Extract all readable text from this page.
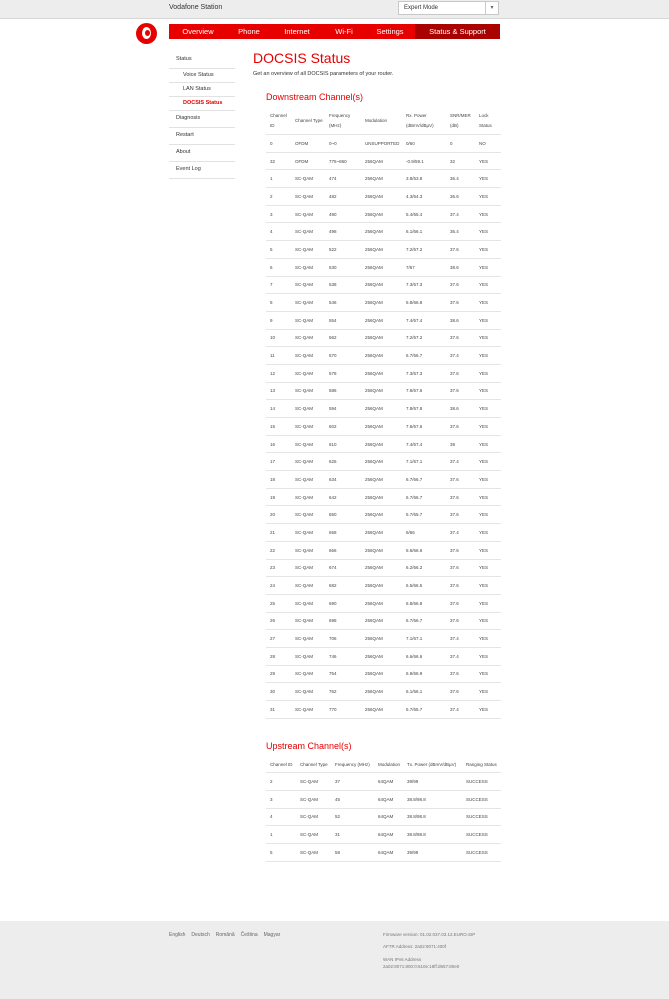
Vodafone Station	Expert Mode	▾
Overview	Phone	Internet	Wi-Fi	Settings	Status & Support
Status
Voice Status
LAN Status
DOCSIS Status
Diagnosis
Restart
About
Event Log
DOCSIS Status
Get an overview of all DOCSIS parameters of your router.
Downstream Channel(s)
Channel ID	Channel Type	Frequency (MHz)	Modulation	Rx. Power (dBmV/dBµV)	SNR/MER (dB)	Lock Status
0	OFDM	0~0	UNSUPPORTED	0/60	0	NO
32	OFDM	775~860	256QAM	-0.9/59.1	32	YES
1	SC-QAM	474	256QAM	3.8/63.8	36.4	YES
2	SC-QAM	482	256QAM	4.3/64.3	36.6	YES
3	SC-QAM	490	256QAM	5.4/65.4	37.4	YES
4	SC-QAM	498	256QAM	6.1/66.1	36.4	YES
5	SC-QAM	522	256QAM	7.2/67.2	37.6	YES
6	SC-QAM	530	256QAM	7/67	38.6	YES
7	SC-QAM	538	256QAM	7.3/67.3	37.6	YES
8	SC-QAM	546	256QAM	6.8/66.8	37.6	YES
9	SC-QAM	554	256QAM	7.4/67.4	38.6	YES
10	SC-QAM	562	256QAM	7.2/67.2	37.6	YES
11	SC-QAM	570	256QAM	6.7/66.7	37.4	YES
12	SC-QAM	578	256QAM	7.3/67.3	37.6	YES
13	SC-QAM	586	256QAM	7.6/67.6	37.6	YES
14	SC-QAM	594	256QAM	7.8/67.8	38.6	YES
15	SC-QAM	602	256QAM	7.6/67.6	37.6	YES
16	SC-QAM	610	256QAM	7.4/67.4	39	YES
17	SC-QAM	626	256QAM	7.1/67.1	37.4	YES
18	SC-QAM	634	256QAM	6.7/66.7	37.6	YES
19	SC-QAM	642	256QAM	6.7/66.7	37.6	YES
20	SC-QAM	650	256QAM	5.7/65.7	37.6	YES
21	SC-QAM	658	256QAM	6/66	37.4	YES
22	SC-QAM	666	256QAM	6.6/66.6	37.6	YES
23	SC-QAM	674	256QAM	6.2/66.2	37.6	YES
24	SC-QAM	682	256QAM	6.5/66.5	37.6	YES
25	SC-QAM	690	256QAM	6.8/66.8	37.6	YES
26	SC-QAM	698	256QAM	6.7/66.7	37.6	YES
27	SC-QAM	706	256QAM	7.1/67.1	37.4	YES
28	SC-QAM	746	256QAM	6.6/66.6	37.4	YES
29	SC-QAM	754	256QAM	6.9/66.9	37.6	YES
30	SC-QAM	762	256QAM	6.1/66.1	37.6	YES
31	SC-QAM	770	256QAM	5.7/65.7	37.4	YES
Upstream Channel(s)
Channel ID	Channel Type	Frequency (MHz)	Modulation	Tx. Power (dBmV/dBµV)	Ranging Status
2	SC-QAM	37	64QAM	39/99	SUCCESS
3	SC-QAM	45	64QAM	38.8/98.8	SUCCESS
4	SC-QAM	52	64QAM	38.8/98.8	SUCCESS
1	SC-QAM	31	64QAM	38.8/98.8	SUCCESS
5	SC-QAM	58	64QAM	39/99	SUCCESS
English Deutsch Română Čeština Magyar	Firmware version: 01.02.037.03.12.EURO.SIP
AFTR Address: 2a02:8071:400f
WAN IPv6 Address
2a02:8071:800:0:610e:18ff:d657:80e0
